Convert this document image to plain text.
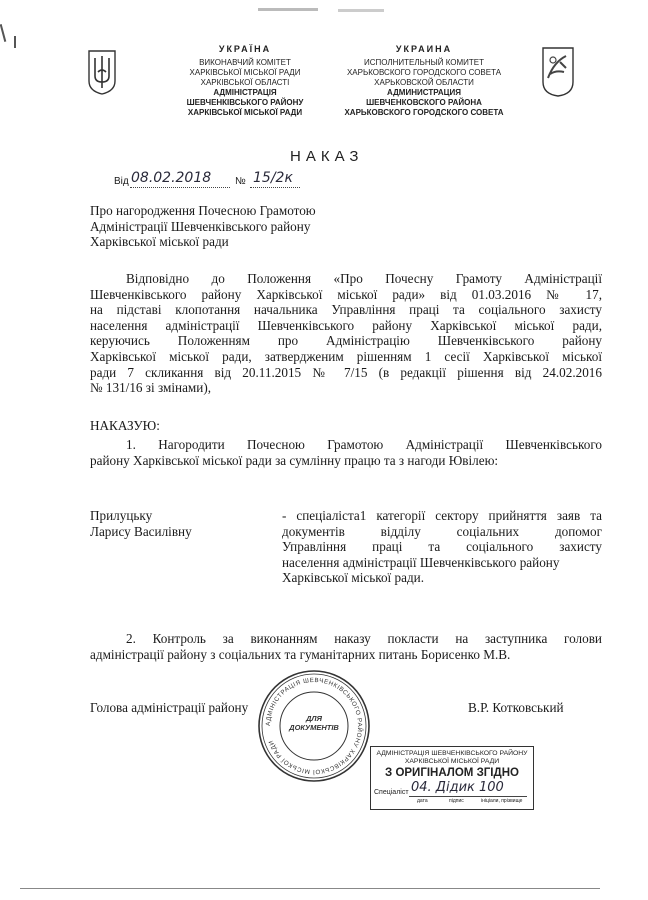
УКРАЇНА
ВИКОНАВЧИЙ КОМІТЕТ
ХАРКІВСЬКОЇ МІСЬКОЇ РАДИ
ХАРКІВСЬКОЇ ОБЛАСТІ
АДМІНІСТРАЦІЯ
ШЕВЧЕНКІВСЬКОГО РАЙОНУ
ХАРКІВСЬКОЇ МІСЬКОЇ РАДИ
УКРАИНА
ИСПОЛНИТЕЛЬНЫЙ КОМИТЕТ
ХАРЬКОВСКОГО ГОРОДСКОГО СОВЕТА
ХАРЬКОВСКОЙ ОБЛАСТИ
АДМИНИСТРАЦИЯ
ШЕВЧЕНКОВСКОГО РАЙОНА
ХАРЬКОВСКОГО ГОРОДСКОГО СОВЕТА
НАКАЗ
Від 08.02.2018 № 15/2к
Про нагородження Почесною Грамотою
Адміністрації Шевченківського району
Харківської міської ради
Відповідно до Положення «Про Почесну Грамоту Адміністрації
Шевченківського району Харківської міської ради» від 01.03.2016 № 17,
на підставі клопотання начальника Управління праці та соціального захисту
населення адміністрації Шевченківського району Харківської міської ради,
керуючись Положенням про Адміністрацію Шевченківського району
Харківської міської ради, затвердженим рішенням 1 сесії Харківської міської
ради 7 скликання від 20.11.2015 № 7/15 (в редакції рішення від 24.02.2016
№ 131/16 зі змінами),
НАКАЗУЮ:
1. Нагородити Почесною Грамотою Адміністрації Шевченківського
району Харківської міської ради за сумлінну працю та з нагоди Ювілею:
Прилуцьку
Ларису Василівну
- спеціаліста1 категорії сектору прийняття заяв та
документів відділу соціальних допомог
Управління праці та соціального захисту
населення адміністрації Шевченківського району
Харківської міської ради.
2. Контроль за виконанням наказу покласти на заступника голови
адміністрації району з соціальних та гуманітарних питань Борисенко М.В.
Голова адміністрації району	В.Р. Котковський
АДМІНІСТРАЦІЯ ШЕВЧЕНКІВСЬКОГО РАЙОНУ ХАРКІВСЬКОЇ МІСЬКОЇ РАДИ
ДЛЯ
ДОКУМЕНТІВ
АДМІНІСТРАЦІЯ ШЕВЧЕНКІВСЬКОГО РАЙОНУ
ХАРКІВСЬКОЇ МІСЬКОЇ РАДИ
З ОРИГІНАЛОМ ЗГІДНО
Спеціаліст 04. Дідик 100
дата	підпис	ініціали, прізвище
